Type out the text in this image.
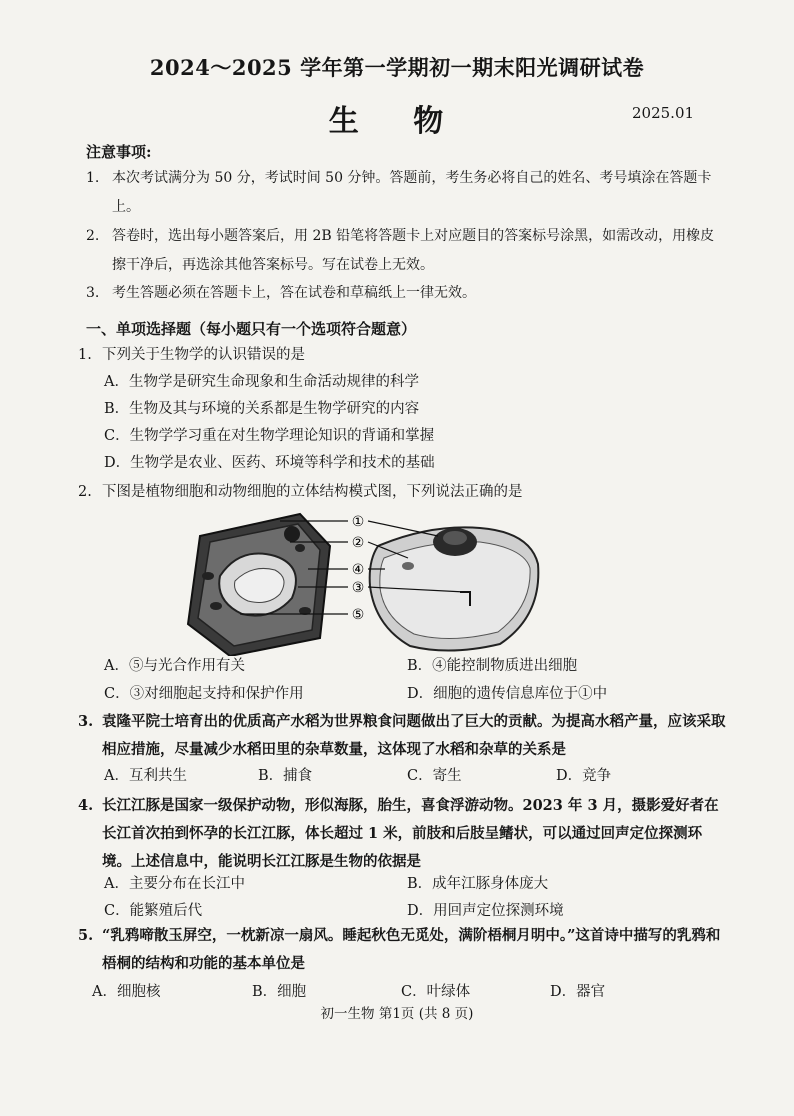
2024～2025 学年第一学期初一期末阳光调研试卷
生 物	2025.01
注意事项:
1. 本次考试满分为 50 分，考试时间 50 分钟。答题前，考生务必将自己的姓名、考号填涂在答题卡上。
2. 答卷时，选出每小题答案后，用 2B 铅笔将答题卡上对应题目的答案标号涂黑，如需改动，用橡皮擦干净后，再选涂其他答案标号。写在试卷上无效。
3. 考生答题必须在答题卡上，答在试卷和草稿纸上一律无效。
一、单项选择题（每小题只有一个选项符合题意）
1. 下列关于生物学的认识错误的是
A．生物学是研究生命现象和生命活动规律的科学
B．生物及其与环境的关系都是生物学研究的内容
C．生物学学习重在对生物学理论知识的背诵和掌握
D．生物学是农业、医药、环境等科学和技术的基础
2. 下图是植物细胞和动物细胞的立体结构模式图，下列说法正确的是
①
②
④
③
⑤
A．⑤与光合作用有关	B．④能控制物质进出细胞
C．③对细胞起支持和保护作用	D．细胞的遗传信息库位于①中
3. 袁隆平院士培育出的优质高产水稻为世界粮食问题做出了巨大的贡献。为提高水稻产量，应该采取相应措施，尽量减少水稻田里的杂草数量，这体现了水稻和杂草的关系是
A．互利共生	B．捕食	C．寄生	D．竞争
4. 长江江豚是国家一级保护动物，形似海豚，胎生，喜食浮游动物。2023 年 3 月，摄影爱好者在长江首次拍到怀孕的长江江豚，体长超过 1 米，前肢和后肢呈鳍状，可以通过回声定位探测环境。上述信息中，能说明长江江豚是生物的依据是
A．主要分布在长江中	B．成年江豚身体庞大
C．能繁殖后代	D．用回声定位探测环境
5. “乳鸦啼散玉屏空，一枕新凉一扇风。睡起秋色无觅处，满阶梧桐月明中。”这首诗中描写的乳鸦和梧桐的结构和功能的基本单位是
A．细胞核	B．细胞	C．叶绿体	D．器官
初一生物 第1页 (共 8 页)
